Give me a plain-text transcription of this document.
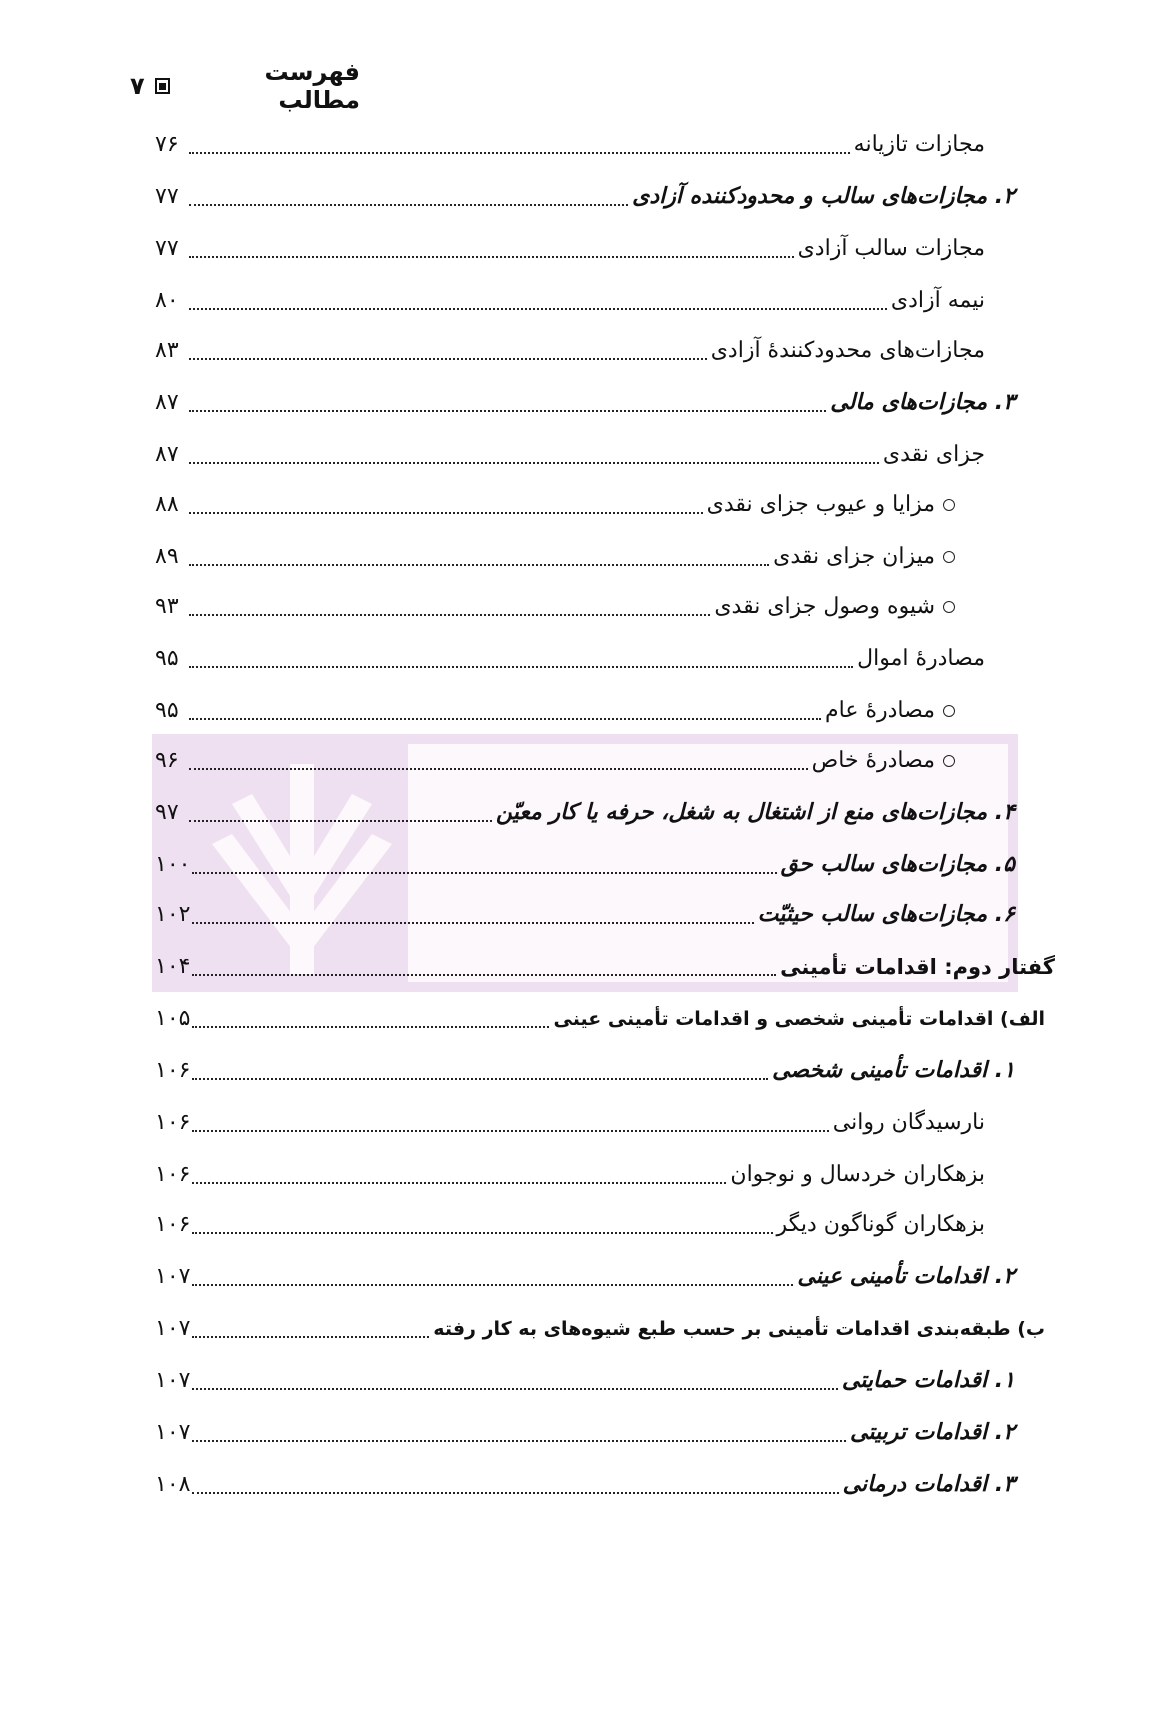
فهرست مطالب
۷
مجازات تازیانه
۷۶
۲. مجازات‌های سالب و محدودکننده آزادی
۷۷
مجازات سالب آزادی
۷۷
نیمه آزادی
۸۰
مجازات‌های محدودکنندهٔ آزادی
۸۳
۳. مجازات‌های مالی
۸۷
جزای نقدی
۸۷
مزایا و عیوب جزای نقدی
۸۸
میزان جزای نقدی
۸۹
شیوه وصول جزای نقدی
۹۳
مصادرهٔ اموال
۹۵
مصادرهٔ عام
۹۵
مصادرهٔ خاص
۹۶
۴. مجازات‌های منع از اشتغال به شغل، حرفه یا کار معیّن
۹۷
۵. مجازات‌های سالب حق
۱۰۰
۶. مجازات‌های سالب حیثیّت
۱۰۲
گفتار دوم: اقدامات تأمینی
۱۰۴
الف) اقدامات تأمینی شخصی و اقدامات تأمینی عینی
۱۰۵
۱. اقدامات تأمینی شخصی
۱۰۶
نارسیدگان روانی
۱۰۶
بزهکاران خردسال و نوجوان
۱۰۶
بزهکاران گوناگون دیگر
۱۰۶
۲. اقدامات تأمینی عینی
۱۰۷
ب) طبقه‌بندی اقدامات تأمینی بر حسب طبع شیوه‌های به کار رفته
۱۰۷
۱. اقدامات حمایتی
۱۰۷
۲. اقدامات تربیتی
۱۰۷
۳. اقدامات درمانی
۱۰۸
